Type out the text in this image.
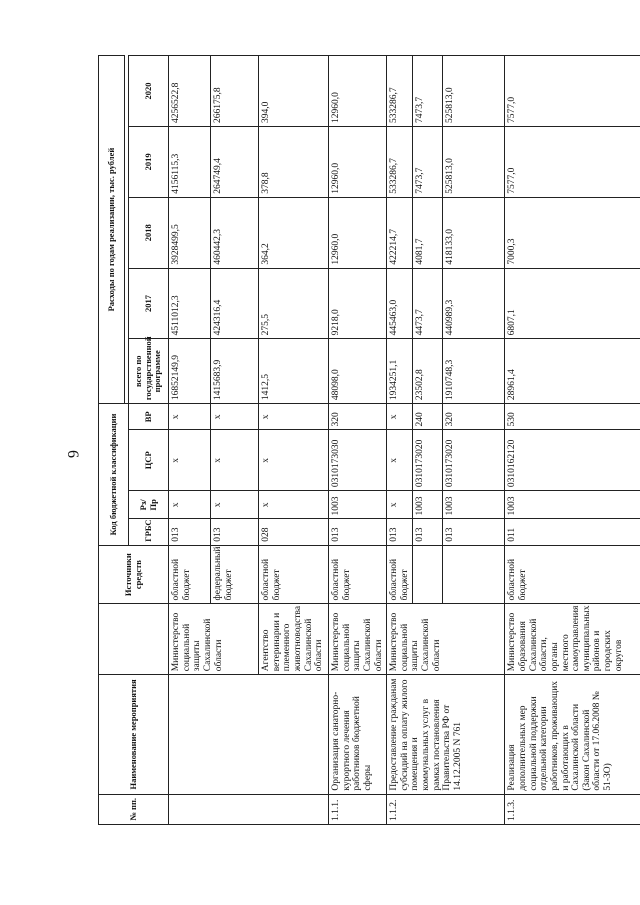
6
№ пп.	Наименование мероприятия		Источники средств	Код бюджетной классификации				Расходы по годам реализации, тыс. рублей				

				ГРБС	Рз/Пр	ЦСР	ВР	всего по государственной программе	2017	2018	2019	2020
		Министерство социальной защиты Сахалинской области	областной бюджет	013	х	х	х	16852149,9	4511012,3	3928499,5	4156115,3	4256522,8
			федеральный бюджет	013	х	х	х	1415683,9	424316,4	460442,3	264749,4	266175,8
		Агентство ветеринарии и племенного животноводства Сахалинской области	областной бюджет	028	х	х	х	1412,5	275,5	364,2	378,8	394,0
1.1.1.	Организация санаторно-курортного лечения работников бюджетной сферы	Министерство социальной защиты Сахалинской области	областной бюджет	013	1003	0310173030	320	48098,0	9218,0	12960,0	12960,0	12960,0
1.1.2.	Предоставление гражданам субсидий на оплату жилого помещения и коммунальных услуг в рамках постановления Правительства РФ от 14.12.2005 N 761	Министерство социальной защиты Сахалинской области	областной бюджет	013	х	х	х	1934251,1	445463,0	422214,7	533286,7	533286,7
				013	1003	0310173020	240	23502,8	4473,7	4081,7	7473,7	7473,7
				013	1003	0310173020	320	1910748,3	440989,3	418133,0	525813,0	525813,0
1.1.3.	Реализация дополнительных мер социальной поддержки отдельной категории работников, проживающих и работающих в Сахалинской области (Закон Сахалинской области от 17.06.2008 № 51-ЗО)	Министерство образования Сахалинской области, органы местного самоуправления муниципальных районов и городских округов	областной бюджет	011	1003	0310162120	530	28961,4	6807,1	7000,3	7577,0	7577,0
